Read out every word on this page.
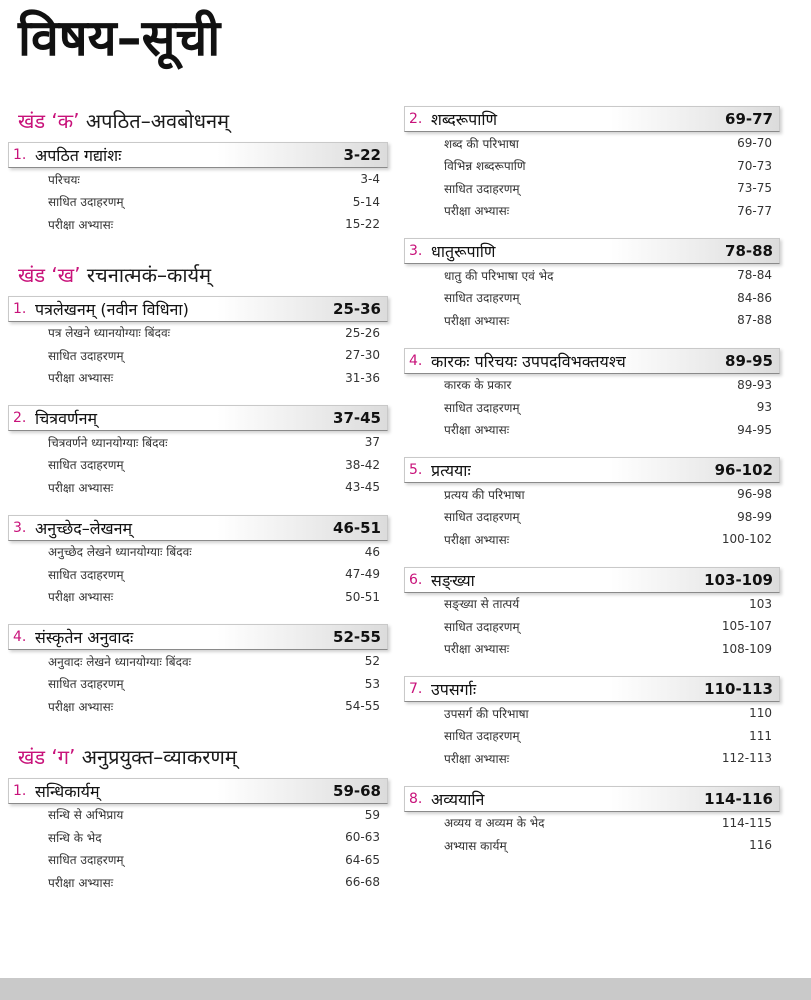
विषय–सूची
खंड ‘क’ अपठित–अवबोधनम्
1. अपठित गद्यांशः	3-22
परिचयः	3-4
साधित उदाहरणम्	5-14
परीक्षा अभ्यासः	15-22
खंड ‘ख’ रचनात्मकं–कार्यम्
1. पत्रलेखनम् (नवीन विधिना)	25-36
पत्र लेखने ध्यानयोग्याः बिंदवः	25-26
साधित उदाहरणम्	27-30
परीक्षा अभ्यासः	31-36
2. चित्रवर्णनम्	37-45
चित्रवर्णने ध्यानयोग्याः बिंदवः	37
साधित उदाहरणम्	38-42
परीक्षा अभ्यासः	43-45
3. अनुच्छेद–लेखनम्	46-51
अनुच्छेद लेखने ध्यानयोग्याः बिंदवः	46
साधित उदाहरणम्	47-49
परीक्षा अभ्यासः	50-51
4. संस्कृतेन अनुवादः	52-55
अनुवादः लेखने ध्यानयोग्याः बिंदवः	52
साधित उदाहरणम्	53
परीक्षा अभ्यासः	54-55
खंड ‘ग’ अनुप्रयुक्त–व्याकरणम्
1. सन्धिकार्यम्	59-68
सन्धि से अभिप्राय	59
सन्धि के भेद	60-63
साधित उदाहरणम्	64-65
परीक्षा अभ्यासः	66-68
2. शब्दरूपाणि	69-77
शब्द की परिभाषा	69-70
विभिन्न शब्दरूपाणि	70-73
साधित उदाहरणम्	73-75
परीक्षा अभ्यासः	76-77
3. धातुरूपाणि	78-88
धातु की परिभाषा एवं भेद	78-84
साधित उदाहरणम्	84-86
परीक्षा अभ्यासः	87-88
4. कारकः परिचयः उपपदविभक्तयश्च	89-95
कारक के प्रकार	89-93
साधित उदाहरणम्	93
परीक्षा अभ्यासः	94-95
5. प्रत्ययाः	96-102
प्रत्यय की परिभाषा	96-98
साधित उदाहरणम्	98-99
परीक्षा अभ्यासः	100-102
6. सङ्ख्या	103-109
सङ्ख्या से तात्पर्य	103
साधित उदाहरणम्	105-107
परीक्षा अभ्यासः	108-109
7. उपसर्गाः	110-113
उपसर्ग की परिभाषा	110
साधित उदाहरणम्	111
परीक्षा अभ्यासः	112-113
8. अव्ययानि	114-116
अव्यय व अव्यम के भेद	114-115
अभ्यास कार्यम्	116
